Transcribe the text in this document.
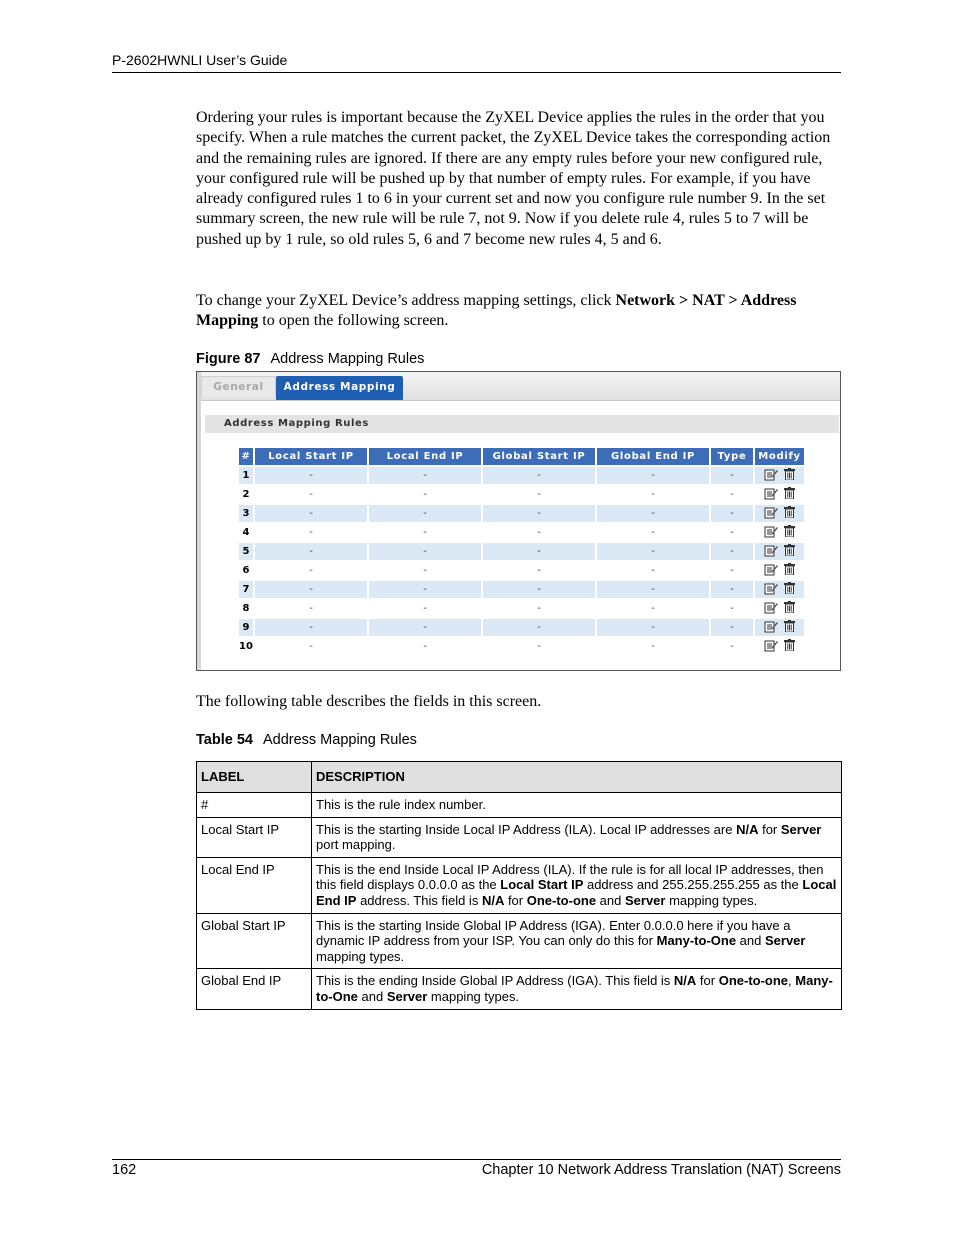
P-2602HWNLI User’s Guide

Ordering your rules is important because the ZyXEL Device applies the rules in the order that you specify. When a rule matches the current packet, the ZyXEL Device takes the corresponding action and the remaining rules are ignored. If there are any empty rules before your new configured rule, your configured rule will be pushed up by that number of empty rules. For example, if you have already configured rules 1 to 6 in your current set and now you configure rule number 9. In the set summary screen, the new rule will be rule 7, not 9. Now if you delete rule 4, rules 5 to 7 will be pushed up by 1 rule, so old rules 5, 6 and 7 become new rules 4, 5 and 6.

To change your ZyXEL Device’s address mapping settings, click Network > NAT > Address Mapping to open the following screen.

Figure 87 Address Mapping Rules
General	Address Mapping
Address Mapping Rules
#	Local Start IP	Local End IP	Global Start IP	Global End IP	Type	Modify
1	-	-	-	-	-	
2	-	-	-	-	-	
3	-	-	-	-	-	
4	-	-	-	-	-	
5	-	-	-	-	-	
6	-	-	-	-	-	
7	-	-	-	-	-	
8	-	-	-	-	-	
9	-	-	-	-	-	
10	-	-	-	-	-	

The following table describes the fields in this screen.

Table 54 Address Mapping Rules
LABEL	DESCRIPTION
#	This is the rule index number.
Local Start IP	This is the starting Inside Local IP Address (ILA). Local IP addresses are N/A for Server port mapping.
Local End IP	This is the end Inside Local IP Address (ILA). If the rule is for all local IP addresses, then this field displays 0.0.0.0 as the Local Start IP address and 255.255.255.255 as the Local End IP address. This field is N/A for One-to-one and Server mapping types.
Global Start IP	This is the starting Inside Global IP Address (IGA). Enter 0.0.0.0 here if you have a dynamic IP address from your ISP. You can only do this for Many-to-One and Server mapping types.
Global End IP	This is the ending Inside Global IP Address (IGA). This field is N/A for One-to-one, Many-to-One and Server mapping types.
162	Chapter 10 Network Address Translation (NAT) Screens
